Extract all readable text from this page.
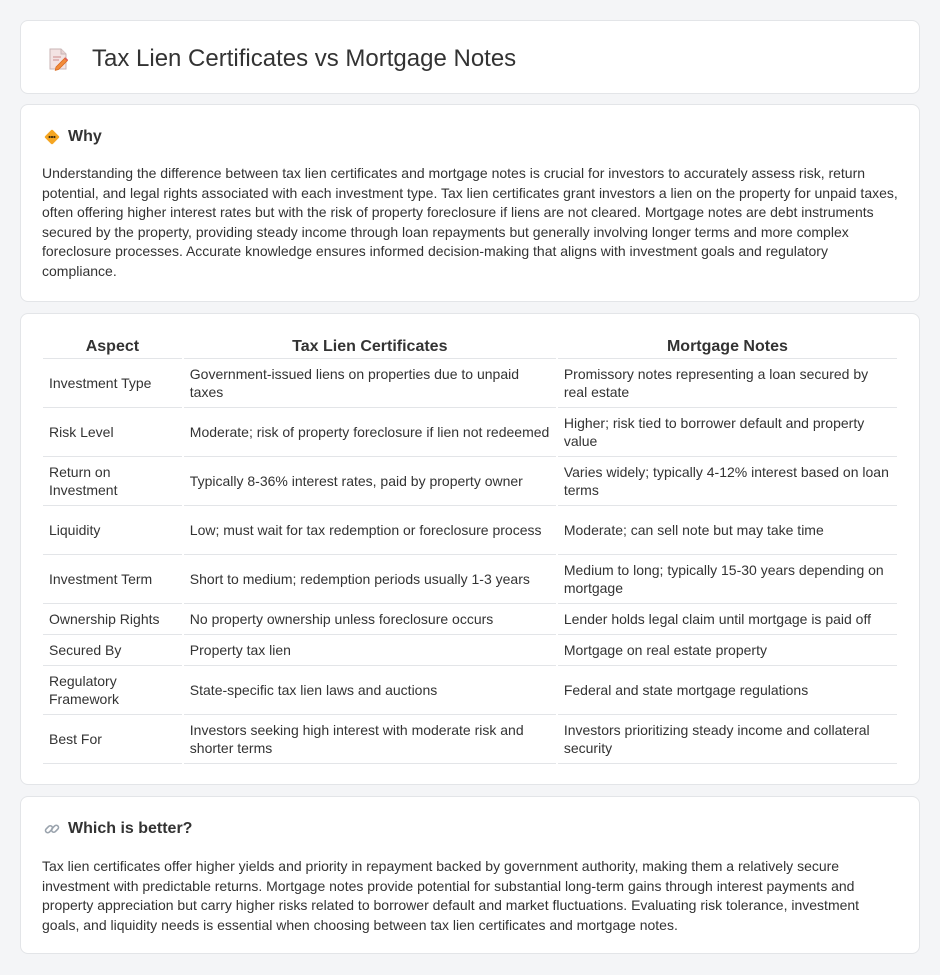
Tax Lien Certificates vs Mortgage Notes
Why

Understanding the difference between tax lien certificates and mortgage notes is crucial for investors to accurately assess risk, return potential, and legal rights associated with each investment type. Tax lien certificates grant investors a lien on the property for unpaid taxes, often offering higher interest rates but with the risk of property foreclosure if liens are not cleared. Mortgage notes are debt instruments secured by the property, providing steady income through loan repayments but generally involving longer terms and more complex foreclosure processes. Accurate knowledge ensures informed decision-making that aligns with investment goals and regulatory compliance.

Aspect	Tax Lien Certificates	Mortgage Notes
Investment Type	Government-issued liens on properties due to unpaid taxes	Promissory notes representing a loan secured by real estate
Risk Level	Moderate; risk of property foreclosure if lien not redeemed	Higher; risk tied to borrower default and property value
Return on Investment	Typically 8-36% interest rates, paid by property owner	Varies widely; typically 4-12% interest based on loan terms
Liquidity	Low; must wait for tax redemption or foreclosure process	Moderate; can sell note but may take time
Investment Term	Short to medium; redemption periods usually 1-3 years	Medium to long; typically 15-30 years depending on mortgage
Ownership Rights	No property ownership unless foreclosure occurs	Lender holds legal claim until mortgage is paid off
Secured By	Property tax lien	Mortgage on real estate property
Regulatory Framework	State-specific tax lien laws and auctions	Federal and state mortgage regulations
Best For	Investors seeking high interest with moderate risk and shorter terms	Investors prioritizing steady income and collateral security
Which is better?

Tax lien certificates offer higher yields and priority in repayment backed by government authority, making them a relatively secure investment with predictable returns. Mortgage notes provide potential for substantial long-term gains through interest payments and property appreciation but carry higher risks related to borrower default and market fluctuations. Evaluating risk tolerance, investment goals, and liquidity needs is essential when choosing between tax lien certificates and mortgage notes.
